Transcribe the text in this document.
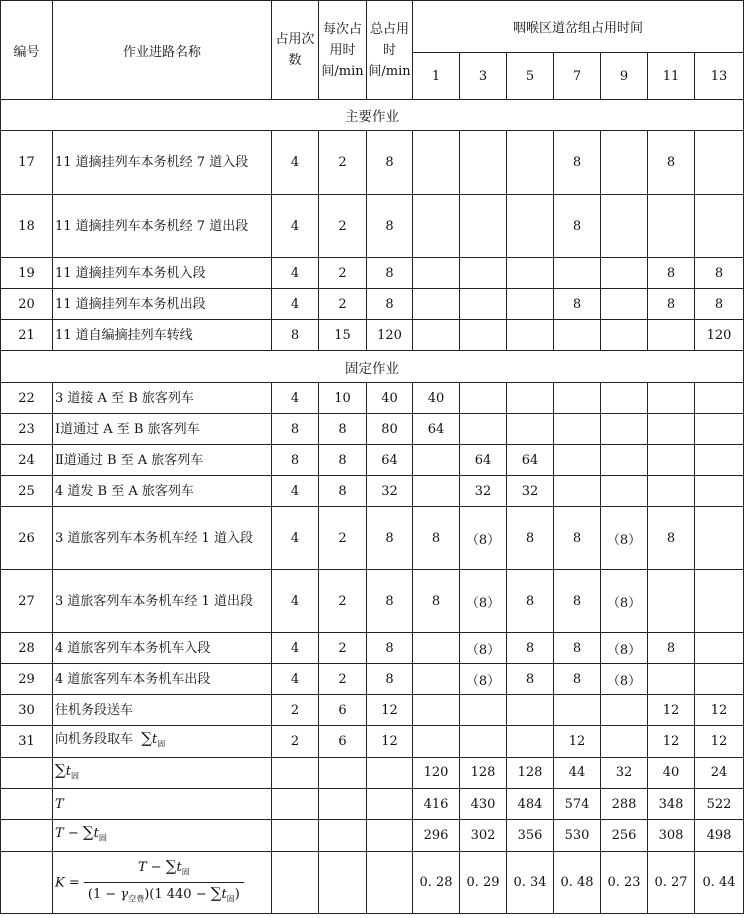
编号	作业进路名称	占用次数	每次占用时间/min	总占用时间/min	咽喉区道岔组占用时间						
					1	3	5	7	9	11	13
主要作业											
17	11 道摘挂列车本务机经 7 道入段	4	2	8				8		8	
18	11 道摘挂列车本务机经 7 道出段	4	2	8				8			
19	11 道摘挂列车本务机入段	4	2	8						8	8
20	11 道摘挂列车本务机出段	4	2	8				8		8	8
21	11 道自编摘挂列车转线	8	15	120							120
固定作业											
22	3 道接 A 至 B 旅客列车	4	10	40	40						
23	Ⅰ道通过 A 至 B 旅客列车	8	8	80	64						
24	Ⅱ道通过 B 至 A 旅客列车	8	8	64		64	64				
25	4 道发 B 至 A 旅客列车	4	8	32		32	32				
26	3 道旅客列车本务机车经 1 道入段	4	2	8	8	（8）	8	8	（8）	8	
27	3 道旅客列车本务机车经 1 道出段	4	2	8	8	（8）	8	8	（8）		
28	4 道旅客列车本务机车入段	4	2	8		（8）	8	8	（8）	8	
29	4 道旅客列车本务机车出段	4	2	8		（8）	8	8	（8）		
30	往机务段送车	2	6	12						12	12
31	向机务段取车 $\sum t_固$	2	6	12				12		12	12
	$\sum t_固$				120	128	128	44	32	40	24
	T				416	430	484	574	288	348	522
	$T - \sum t_固$				296	302	356	530	256	308	498
	$K = \frac{T - \sum t_固}{(1 - \gamma_{空费})(1 440 - \sum t_固)}$				0. 28	0. 29	0. 34	0. 48	0. 23	0. 27	0. 44
